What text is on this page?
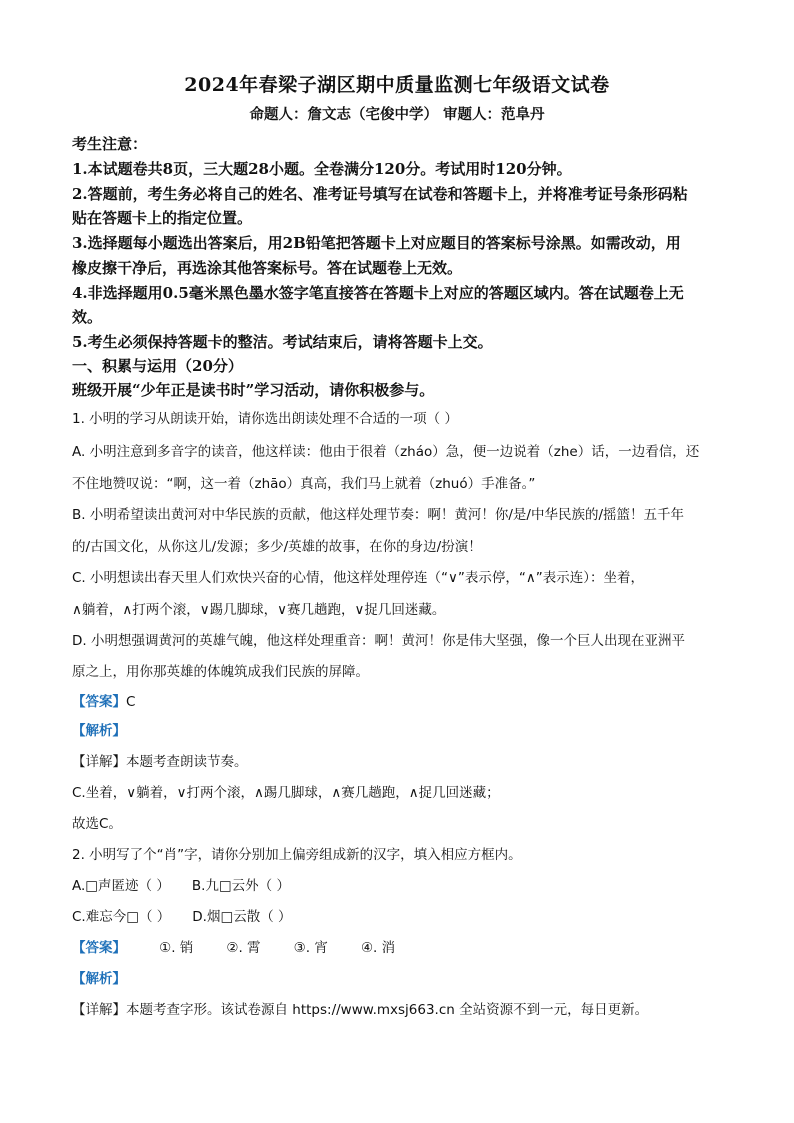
2024年春梁子湖区期中质量监测七年级语文试卷
命题人：詹文志（宅俊中学） 审题人：范阜丹
考生注意：
1.本试题卷共8页，三大题28小题。全卷满分120分。考试用时120分钟。
2.答题前，考生务必将自己的姓名、准考证号填写在试卷和答题卡上，并将准考证号条形码粘
贴在答题卡上的指定位置。
3.选择题每小题选出答案后，用2B铅笔把答题卡上对应题目的答案标号涂黑。如需改动，用
橡皮擦干净后，再选涂其他答案标号。答在试题卷上无效。
4.非选择题用0.5毫米黑色墨水签字笔直接答在答题卡上对应的答题区域内。答在试题卷上无
效。
5.考生必须保持答题卡的整洁。考试结束后，请将答题卡上交。
一、积累与运用（20分）
班级开展“少年正是读书时”学习活动，请你积极参与。
1. 小明的学习从朗读开始，请你选出朗读处理不合适的一项（ ）
A. 小明注意到多音字的读音，他这样读：他由于很着（zháo）急，便一边说着（zhe）话，一边看信，还
不住地赞叹说：“啊，这一着（zhāo）真高，我们马上就着（zhuó）手准备。”
B. 小明希望读出黄河对中华民族的贡献，他这样处理节奏：啊！黄河！你/是/中华民族的/摇篮！五千年
的/古国文化，从你这儿/发源；多少/英雄的故事，在你的身边/扮演！
C. 小明想读出春天里人们欢快兴奋的心情，他这样处理停连（“∨”表示停，“∧”表示连）：坐着，
∧躺着，∧打两个滚，∨踢几脚球，∨赛几趟跑，∨捉几回迷藏。
D. 小明想强调黄河的英雄气魄，他这样处理重音：啊！黄河！你是伟大坚强，像一个巨人出现在亚洲平
原之上，用你那英雄的体魄筑成我们民族的屏障。
【答案】C
【解析】
【详解】本题考查朗读节奏。
C.坐着，∨躺着，∨打两个滚，∧踢几脚球，∧赛几趟跑，∧捉几回迷藏；
故选C。
2. 小明写了个“肖”字，请你分别加上偏旁组成新的汉字，填入相应方框内。
A.□声匿迹（ ） B.九□云外（ ）
C.难忘今□（ ） D.烟□云散（ ）
【答案】 ①. 销 ②. 霄 ③. 宵 ④. 消
【解析】
【详解】本题考查字形。该试卷源自 https://www.mxsj663.cn 全站资源不到一元，每日更新。
